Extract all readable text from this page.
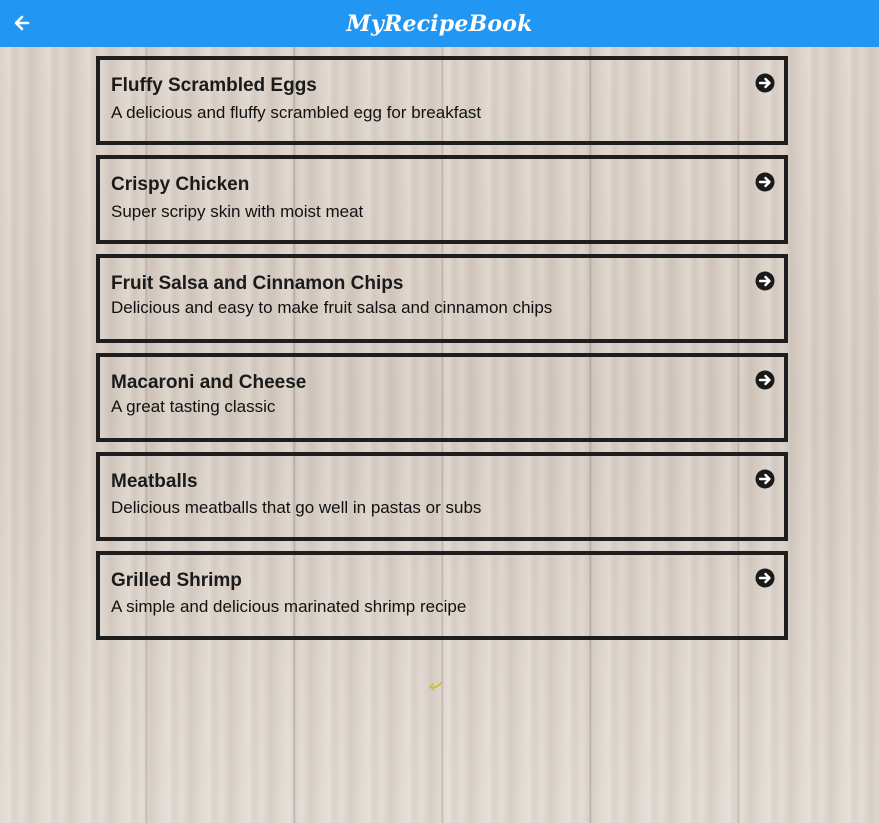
MyRecipeBook
Fluffy Scrambled Eggs
A delicious and fluffy scrambled egg for breakfast
Crispy Chicken
Super scripy skin with moist meat
Fruit Salsa and Cinnamon Chips
Delicious and easy to make fruit salsa and cinnamon chips
Macaroni and Cheese
A great tasting classic
Meatballs
Delicious meatballs that go well in pastas or subs
Grilled Shrimp
A simple and delicious marinated shrimp recipe
